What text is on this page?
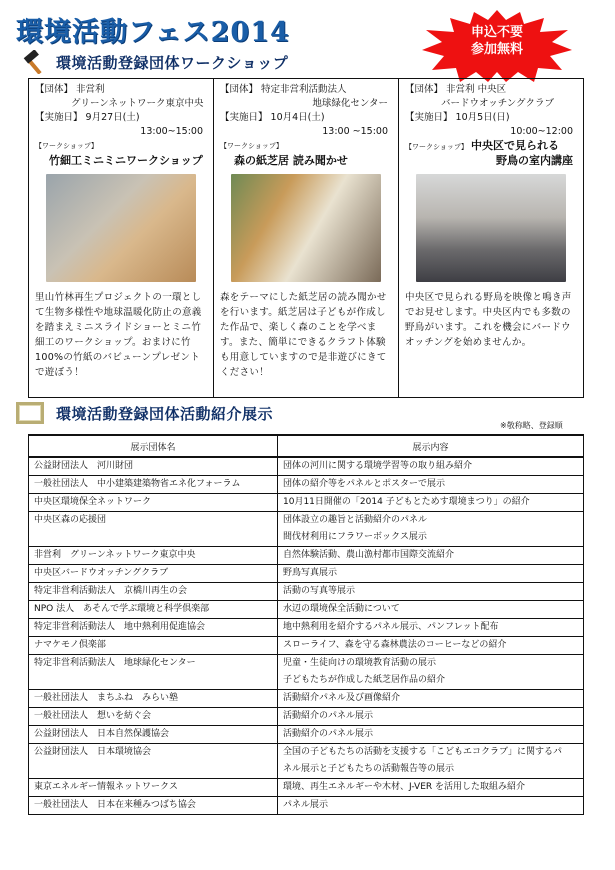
環境活動フェス2014	申込不要
参加無料
環境活動登録団体ワークショップ
【団体】 非営利
グリーンネットワーク東京中央
【実施日】 9月27日(土)
13:00~15:00
【ワークショップ】
竹細工ミニミニワークショップ
里山竹林再生プロジェクトの一環として生物多様性や地球温暖化防止の意義を踏まえミニスライドショーとミニ竹細工のワークショップ。おまけに竹100%の竹紙のバビューンプレゼントで遊ぼう！
【団体】 特定非営利活動法人
地球緑化センター
【実施日】 10月4日(土)
13:00 ~15:00
【ワークショップ】
森の紙芝居 読み聞かせ
森をテーマにした紙芝居の読み聞かせを行います。紙芝居は子どもが作成した作品で、楽しく森のことを学べます。また、簡単にできるクラフト体験も用意していますので是非遊びにきてください！
【団体】 非営利 中央区
バードウオッチングクラブ
【実施日】 10月5日(日)
10:00~12:00
【ワークショップ】 中央区で見られる
野鳥の室内講座
中央区で見られる野鳥を映像と鳴き声でお見せします。中央区内でも多数の野鳥がいます。これを機会にバードウオッチングを始めませんか。
環境活動登録団体活動紹介展示
※敬称略、登録順
展示団体名	展示内容
公益財団法人　河川財団	団体の河川に関する環境学習等の取り組み紹介

一般社団法人　中小建築建築物省エネ化フォーラム	団体の紹介等をパネルとポスターで展示

中央区環境保全ネットワーク	10月11日開催の「2014 子どもとためす環境まつり」の紹介

中央区森の応援団	団体設立の趣旨と活動紹介のパネル
間伐材利用にフラワーボックス展示

非営利　グリーンネットワーク東京中央	自然体験活動、農山漁村都市国際交流紹介

中央区バードウオッチングクラブ	野鳥写真展示

特定非営利活動法人　京橋川再生の会	活動の写真等展示

NPO 法人　あそんで学ぶ環境と科学倶楽部	水辺の環境保全活動について

特定非営利活動法人　地中熱利用促進協会	地中熱利用を紹介するパネル展示、パンフレット配布

ナマケモノ倶楽部	スローライフ、森を守る森林農法のコーヒーなどの紹介

特定非営利活動法人　地球緑化センター	児童・生徒向けの環境教育活動の展示
子どもたちが作成した紙芝居作品の紹介

一般社団法人　まちふね　みらい塾	活動紹介パネル及び画像紹介

一般社団法人　想いを紡ぐ会	活動紹介のパネル展示

公益財団法人　日本自然保護協会	活動紹介のパネル展示

公益財団法人　日本環境協会	全国の子どもたちの活動を支援する「こどもエコクラブ」に関するパ
ネル展示と子どもたちの活動報告等の展示

東京エネルギー情報ネットワークス	環境、再生エネルギーや木材、J-VER を活用した取組み紹介

一般社団法人　日本在来種みつばち協会	パネル展示
